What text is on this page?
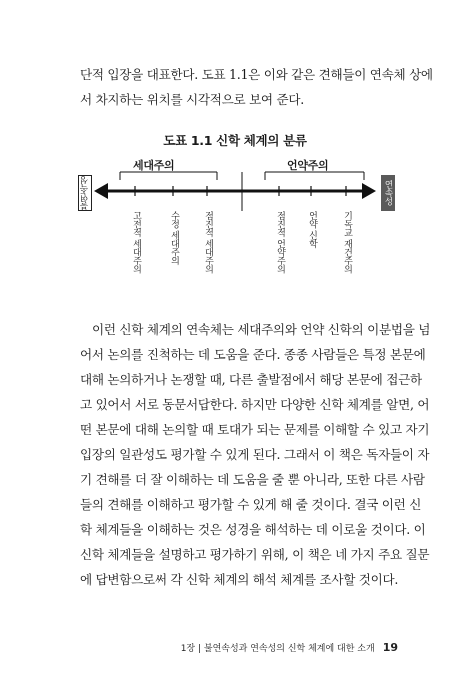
단적 입장을 대표한다. 도표 1.1은 이와 같은 견해들이 연속체 상에
서 차지하는 위치를 시각적으로 보여 준다.
도표 1.1 신학 체계의 분류
세대주의	언약주의
불연속성	연속성
고전적 세대주의	수정 세대주의	점진적 세대주의	점진적 언약주의 언약 신학	기독교 재건주의
이런 신학 체계의 연속체는 세대주의와 언약 신학의 이분법을 넘
어서 논의를 진척하는 데 도움을 준다. 종종 사람들은 특정 본문에
대해 논의하거나 논쟁할 때, 다른 출발점에서 해당 본문에 접근하
고 있어서 서로 동문서답한다. 하지만 다양한 신학 체계를 알면, 어
떤 본문에 대해 논의할 때 토대가 되는 문제를 이해할 수 있고 자기
입장의 일관성도 평가할 수 있게 된다. 그래서 이 책은 독자들이 자
기 견해를 더 잘 이해하는 데 도움을 줄 뿐 아니라, 또한 다른 사람
들의 견해를 이해하고 평가할 수 있게 해 줄 것이다. 결국 이런 신
학 체계들을 이해하는 것은 성경을 해석하는 데 이로울 것이다. 이
신학 체계들을 설명하고 평가하기 위해, 이 책은 네 가지 주요 질문
에 답변함으로써 각 신학 체계의 해석 체계를 조사할 것이다.
1장 | 불연속성과 연속성의 신학 체계에 대한 소개 19
